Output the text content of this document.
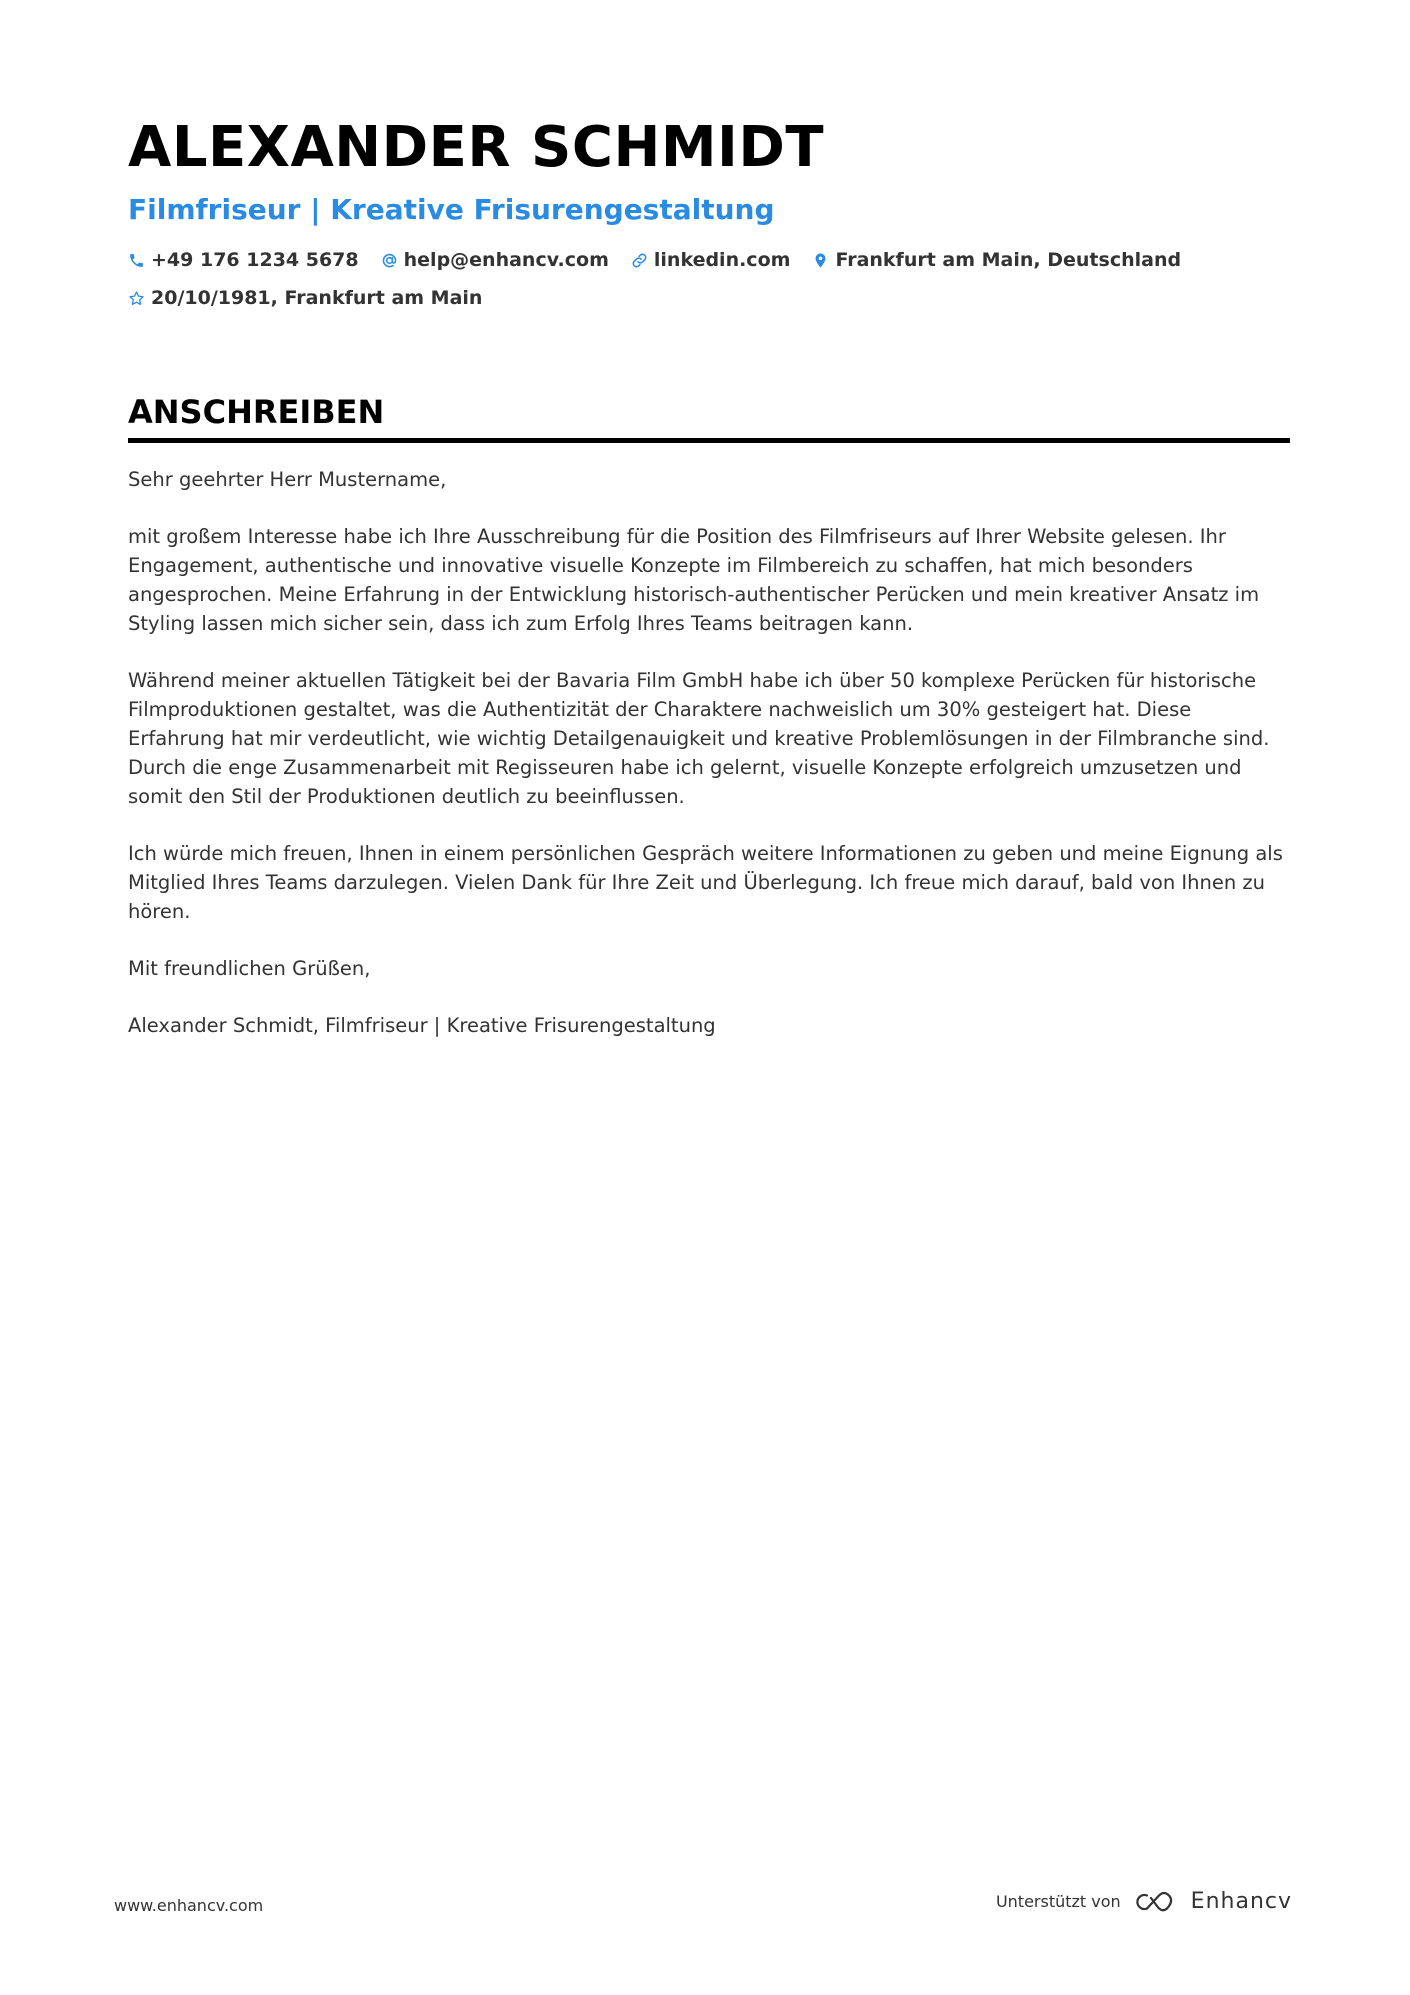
ALEXANDER SCHMIDT
Filmfriseur | Kreative Frisurengestaltung
+49 176 1234 5678 help@enhancv.com linkedin.com Frankfurt am Main, Deutschland
20/10/1981, Frankfurt am Main
ANSCHREIBEN

Sehr geehrter Herr Mustername,

mit großem Interesse habe ich Ihre Ausschreibung für die Position des Filmfriseurs auf Ihrer Website gelesen. Ihr Engagement, authentische und innovative visuelle Konzepte im Filmbereich zu schaffen, hat mich besonders angesprochen. Meine Erfahrung in der Entwicklung historisch-authentischer Perücken und mein kreativer Ansatz im Styling lassen mich sicher sein, dass ich zum Erfolg Ihres Teams beitragen kann.

Während meiner aktuellen Tätigkeit bei der Bavaria Film GmbH habe ich über 50 komplexe Perücken für historische Filmproduktionen gestaltet, was die Authentizität der Charaktere nachweislich um 30% gesteigert hat. Diese Erfahrung hat mir verdeutlicht, wie wichtig Detailgenauigkeit und kreative Problemlösungen in der Filmbranche sind. Durch die enge Zusammenarbeit mit Regisseuren habe ich gelernt, visuelle Konzepte erfolgreich umzusetzen und somit den Stil der Produktionen deutlich zu beeinflussen.

Ich würde mich freuen, Ihnen in einem persönlichen Gespräch weitere Informationen zu geben und meine Eignung als Mitglied Ihres Teams darzulegen. Vielen Dank für Ihre Zeit und Überlegung. Ich freue mich darauf, bald von Ihnen zu hören.

Mit freundlichen Grüßen,

Alexander Schmidt, Filmfriseur | Kreative Frisurengestaltung

www.enhancv.com	Unterstützt von	Enhancv
